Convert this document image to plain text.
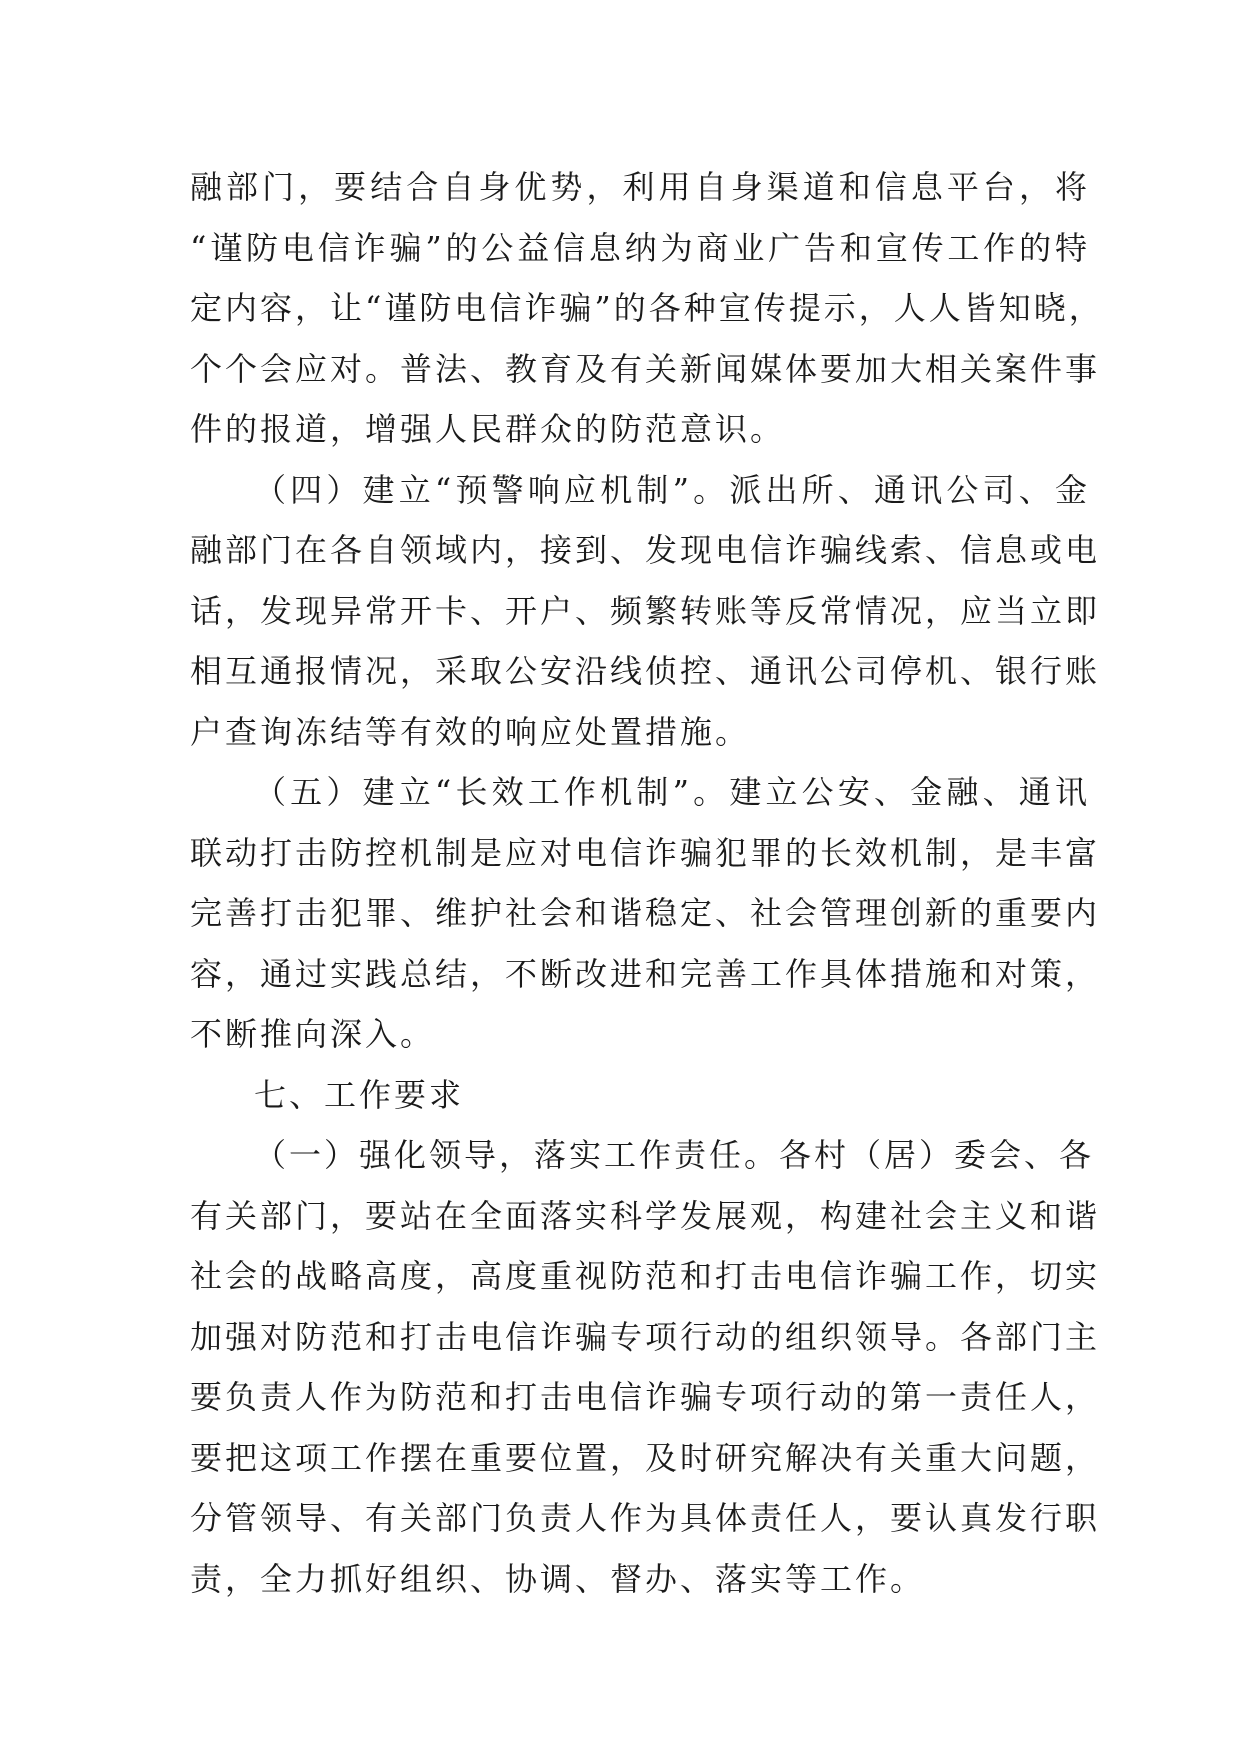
融部门，要结合自身优势，利用自身渠道和信息平台，将
“谨防电信诈骗”的公益信息纳为商业广告和宣传工作的特
定内容，让“谨防电信诈骗”的各种宣传提示，人人皆知晓，
个个会应对。普法、教育及有关新闻媒体要加大相关案件事
件的报道，增强人民群众的防范意识。
（四）建立“预警响应机制”。派出所、通讯公司、金
融部门在各自领域内，接到、发现电信诈骗线索、信息或电
话，发现异常开卡、开户、频繁转账等反常情况，应当立即
相互通报情况，采取公安沿线侦控、通讯公司停机、银行账
户查询冻结等有效的响应处置措施。
（五）建立“长效工作机制”。建立公安、金融、通讯
联动打击防控机制是应对电信诈骗犯罪的长效机制，是丰富
完善打击犯罪、维护社会和谐稳定、社会管理创新的重要内
容，通过实践总结，不断改进和完善工作具体措施和对策，
不断推向深入。
七、工作要求
（一）强化领导，落实工作责任。各村（居）委会、各
有关部门，要站在全面落实科学发展观，构建社会主义和谐
社会的战略高度，高度重视防范和打击电信诈骗工作，切实
加强对防范和打击电信诈骗专项行动的组织领导。各部门主
要负责人作为防范和打击电信诈骗专项行动的第一责任人，
要把这项工作摆在重要位置，及时研究解决有关重大问题，
分管领导、有关部门负责人作为具体责任人，要认真发行职
责，全力抓好组织、协调、督办、落实等工作。
